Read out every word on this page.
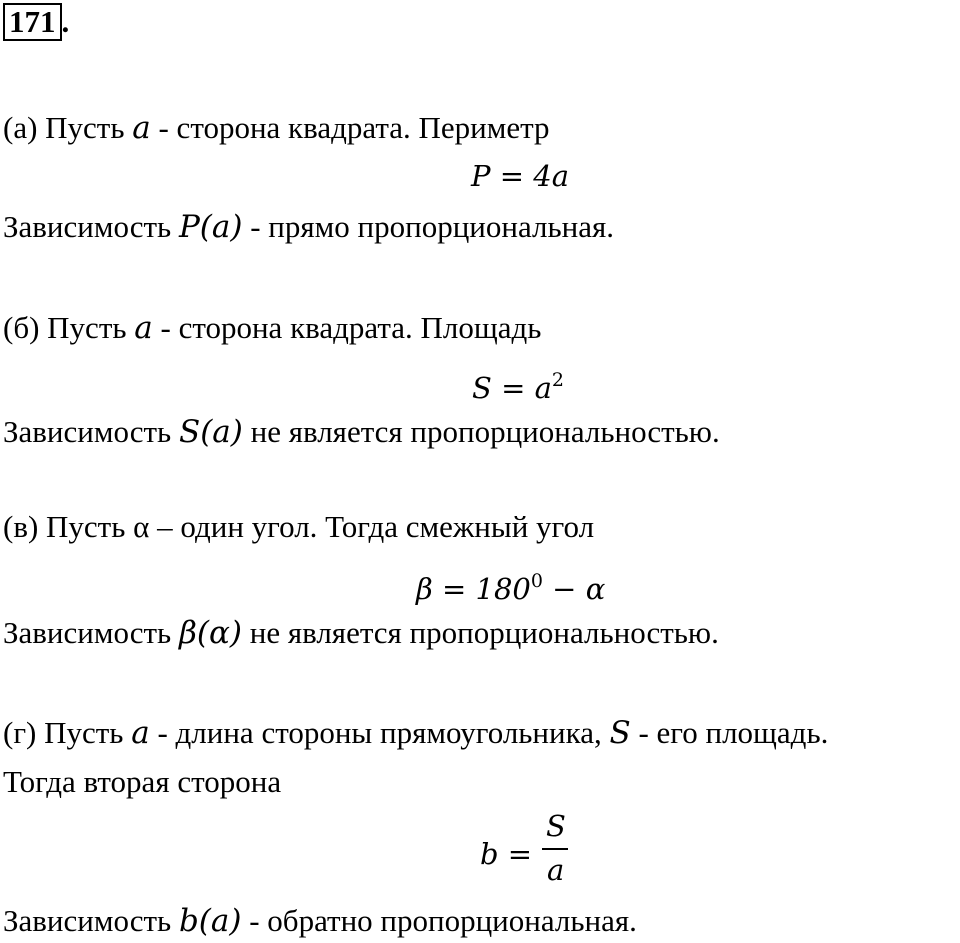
171 .
(а) Пусть a - сторона квадрата. Периметр
P = 4a
Зависимость P(a) - прямо пропорциональная.
(б) Пусть a - сторона квадрата. Площадь
$S = a^2$
Зависимость S(a) не является пропорциональностью.
(в) Пусть α – один угол. Тогда смежный угол
$\beta = 180^0 - \alpha$
Зависимость β(α) не является пропорциональностью.
(г) Пусть a - длина стороны прямоугольника, S - его площадь.
Тогда вторая сторона
b =
S
a
Зависимость b(a) - обратно пропорциональная.
